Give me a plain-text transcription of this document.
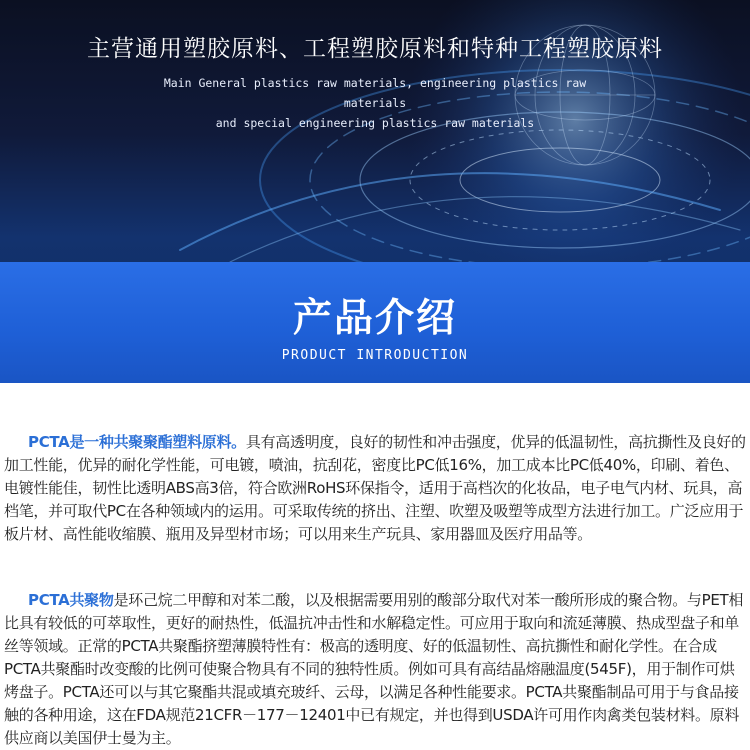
主营通用塑胶原料、工程塑胶原料和特种工程塑胶原料
Main General plastics raw materials, engineering plastics raw materials
and special engineering plastics raw materials
产品介绍
PRODUCT INTRODUCTION

PCTA是一种共聚聚酯塑料原料。具有高透明度，良好的韧性和冲击强度，优异的低温韧性，高抗撕性及良好的加工性能，优异的耐化学性能，可电镀，喷油，抗刮花，密度比PC低16%，加工成本比PC低40%，印刷、着色、电镀性能佳，韧性比透明ABS高3倍，符合欧洲RoHS环保指令，适用于高档次的化妆品，电子电气内材、玩具，高档笔，并可取代PC在各种领域内的运用。可采取传统的挤出、注塑、吹塑及吸塑等成型方法进行加工。广泛应用于板片材、高性能收缩膜、瓶用及异型材市场；可以用来生产玩具、家用器皿及医疗用品等。

PCTA共聚物是环己烷二甲醇和对苯二酸，以及根据需要用别的酸部分取代对苯一酸所形成的聚合物。与PET相比具有较低的可萃取性，更好的耐热性，低温抗冲击性和水解稳定性。可应用于取向和流延薄膜、热成型盘子和单丝等领域。正常的PCTA共聚酯挤塑薄膜特性有：极高的透明度、好的低温韧性、高抗撕性和耐化学性。在合成PCTA共聚酯时改变酸的比例可使聚合物具有不同的独特性质。例如可具有高结晶熔融温度(545F)，用于制作可烘烤盘子。PCTA还可以与其它聚酯共混或填充玻纤、云母，以满足各种性能要求。PCTA共聚酯制品可用于与食品接触的各种用途，这在FDA规范21CFR－177－12401中已有规定，并也得到USDA许可用作肉禽类包装材料。原料供应商以美国伊士曼为主。
